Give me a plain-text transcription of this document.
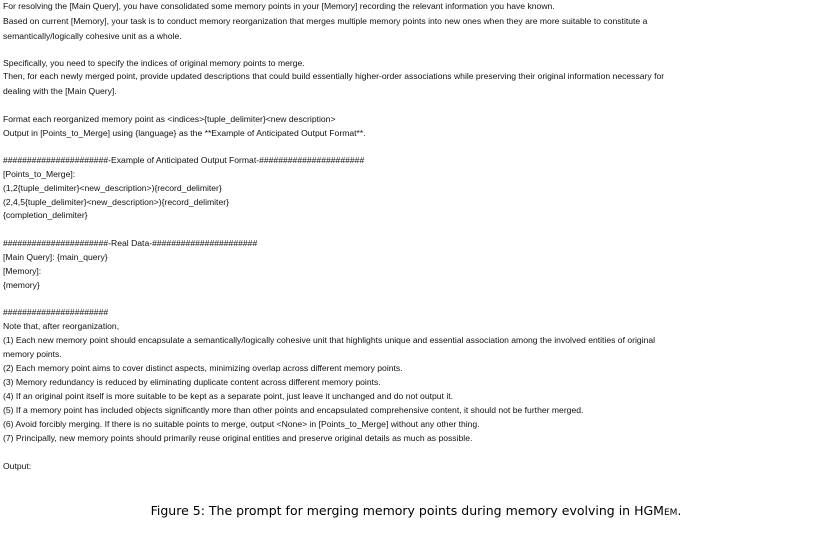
For resolving the [Main Query], you have consolidated some memory points in your [Memory] recording the relevant information you have known.

Based on current [Memory], your task is to conduct memory reorganization that merges multiple memory points into new ones when they are more suitable to constitute a

semantically/logically cohesive unit as a whole.

Specifically, you need to specify the indices of original memory points to merge.

Then, for each newly merged point, provide updated descriptions that could build essentially higher-order associations while preserving their original information necessary for

dealing with the [Main Query].

Format each reorganized memory point as <indices>{tuple_delimiter}<new description>

Output in [Points_to_Merge] using {language} as the **Example of Anticipated Output Format**.

######################-Example of Anticipated Output Format-######################

[Points_to_Merge]:

(1,2{tuple_delimiter}<new_description>){record_delimiter}

(2,4,5{tuple_delimiter}<new_description>){record_delimiter}

{completion_delimiter}

######################-Real Data-######################

[Main Query]: {main_query}

[Memory]:

{memory}

######################

Note that, after reorganization,

(1) Each new memory point should encapsulate a semantically/logically cohesive unit that highlights unique and essential association among the involved entities of original

memory points.

(2) Each memory point aims to cover distinct aspects, minimizing overlap across different memory points.

(3) Memory redundancy is reduced by eliminating duplicate content across different memory points.

(4) If an original point itself is more suitable to be kept as a separate point, just leave it unchanged and do not output it.

(5) If a memory point has included objects significantly more than other points and encapsulated comprehensive content, it should not be further merged.

(6) Avoid forcibly merging. If there is no suitable points to merge, output <None> in [Points_to_Merge] without any other thing.

(7) Principally, new memory points should primarily reuse original entities and preserve original details as much as possible.

Output:

Figure 5: The prompt for merging memory points during memory evolving in HGMem.
